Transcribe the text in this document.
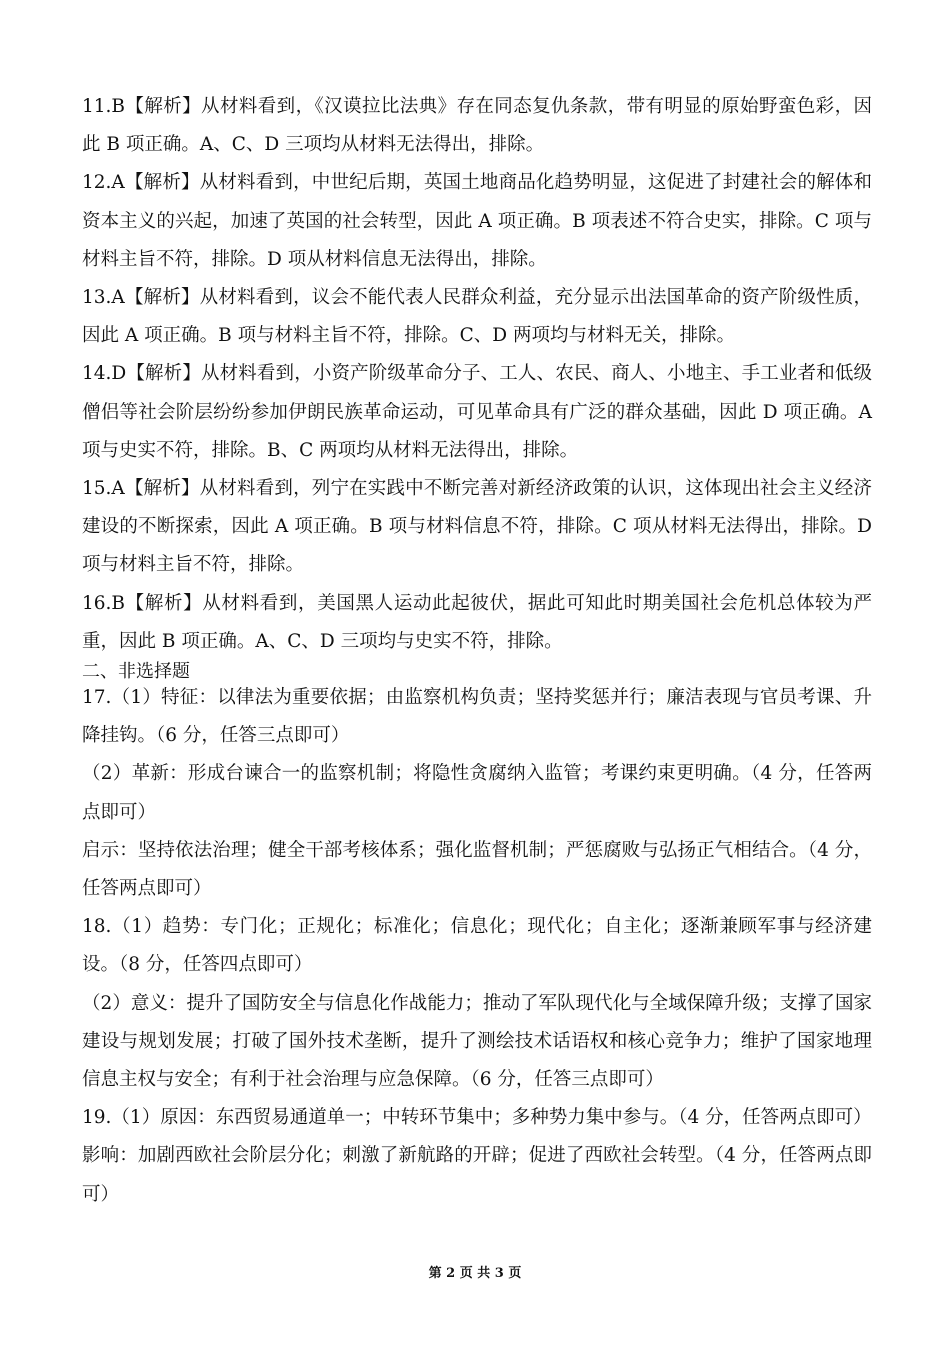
11.B【解析】从材料看到，《汉谟拉比法典》存在同态复仇条款，带有明显的原始野蛮色彩，因此 B 项正确。A、C、D 三项均从材料无法得出，排除。

12.A【解析】从材料看到，中世纪后期，英国土地商品化趋势明显，这促进了封建社会的解体和资本主义的兴起，加速了英国的社会转型，因此 A 项正确。B 项表述不符合史实，排除。C 项与材料主旨不符，排除。D 项从材料信息无法得出，排除。

13.A【解析】从材料看到，议会不能代表人民群众利益，充分显示出法国革命的资产阶级性质，因此 A 项正确。B 项与材料主旨不符，排除。C、D 两项均与材料无关，排除。

14.D【解析】从材料看到，小资产阶级革命分子、工人、农民、商人、小地主、手工业者和低级僧侣等社会阶层纷纷参加伊朗民族革命运动，可见革命具有广泛的群众基础，因此 D 项正确。A 项与史实不符，排除。B、C 两项均从材料无法得出，排除。

15.A【解析】从材料看到，列宁在实践中不断完善对新经济政策的认识，这体现出社会主义经济建设的不断探索，因此 A 项正确。B 项与材料信息不符，排除。C 项从材料无法得出，排除。D 项与材料主旨不符，排除。

16.B【解析】从材料看到，美国黑人运动此起彼伏，据此可知此时期美国社会危机总体较为严重，因此 B 项正确。A、C、D 三项均与史实不符，排除。

二、非选择题

17.（1）特征：以律法为重要依据；由监察机构负责；坚持奖惩并行；廉洁表现与官员考课、升降挂钩。（6 分，任答三点即可）

（2）革新：形成台谏合一的监察机制；将隐性贪腐纳入监管；考课约束更明确。（4 分，任答两点即可）

启示：坚持依法治理；健全干部考核体系；强化监督机制；严惩腐败与弘扬正气相结合。（4 分，任答两点即可）

18.（1）趋势：专门化；正规化；标准化；信息化；现代化；自主化；逐渐兼顾军事与经济建设。（8 分，任答四点即可）

（2）意义：提升了国防安全与信息化作战能力；推动了军队现代化与全域保障升级；支撑了国家建设与规划发展；打破了国外技术垄断，提升了测绘技术话语权和核心竞争力；维护了国家地理信息主权与安全；有利于社会治理与应急保障。（6 分，任答三点即可）

19.（1）原因：东西贸易通道单一；中转环节集中；多种势力集中参与。（4 分，任答两点即可）

影响：加剧西欧社会阶层分化；刺激了新航路的开辟；促进了西欧社会转型。（4 分，任答两点即可）

第 2 页 共 3 页
